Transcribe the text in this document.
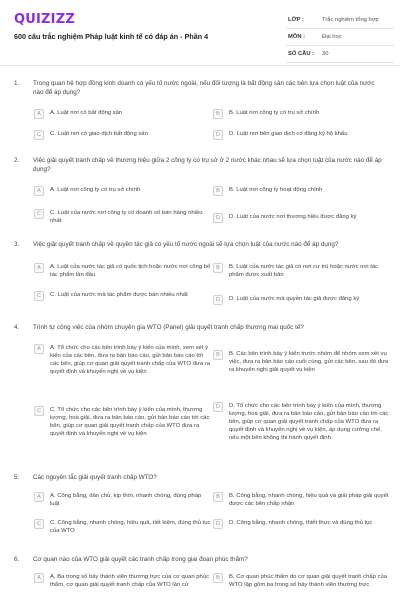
QUIZIZZ
600 câu trắc nghiệm Pháp luật kinh tế có đáp án - Phần 4
LỚP :	Trắc nghiệm tổng hợp
MÔN :	Đại học
SỐ CÂU : 30
1. Trong quan hệ hợp đồng kinh doanh có yếu tố nước ngoài, nếu đối tượng là bất động sản các bên lựa chọn luật của nước nào để áp dụng?
A	A. Luật nơi có bất động sản	B	B. Luật nơi công ty có trụ sở chính
C	C. Luật nơi có giao dịch bất động sản	D	D. Luật nơi bên giao dịch có đăng ký hộ khẩu
2. Việc giải quyết tranh chấp về thương hiệu giữa 2 công ty có trụ sở ở 2 nước khác nhau sẽ lựa chọn luật của nước nào để áp dụng?
A	A. Luật nơi công ty có trụ sở chính	B	B. Luật nơi công ty hoạt động chính
C	C. Luật của nước nơi công ty có doanh số bán hàng nhiều nhất	D	D. Luật của nước nơi thương hiệu được đăng ký
3. Việc giải quyết tranh chấp về quyền tác giả có yếu tố nước ngoài sẽ lựa chọn luật của nước nào để áp dụng?
A	A. Luật của nước tác giả có quốc tịch hoặc nước nơi công bố tác phẩm lần đầu
B	B. Luật của nước tác giả có nơi cư trú hoặc nước nơi tác phẩm được xuất bản
C	C. Luật của nước mà tác phẩm được bán nhiều nhất
D	D. Luật của nước mà quyền tác giả được đăng ký
4. Trình tự công việc của nhóm chuyên gia WTO (Panel) giải quyết tranh chấp thương mại quốc tế?
A	A. Tổ chức cho các bên trình bày ý kiến của mình, xem xét ý kiến của các bên, đưa ra bản báo cáo, gửi bản báo cáo tới các bên, giúp cơ quan giải quyết tranh chấp của WTO đưa ra quyết định và khuyến nghị về vụ kiện
B	B. Các bên trình bày ý kiến trước nhóm để nhóm xem xét vụ việc, đưa ra bản báo cáo cuối cùng, gửi các bên, sau đó đưa ra khuyến nghị giải quyết vụ kiện
C	C. Tổ chức cho các bên trình bày ý kiến của mình, thương lượng, hoà giải, đưa ra bản báo cáo, gửi bản báo cáo tới các bên, giúp cơ quan giải quyết tranh chấp của WTO đưa ra quyết định và khuyến nghị về vụ kiện
D	D. Tổ chức cho các bên trình bày ý kiến của mình, thương lượng, hoà giải, đưa ra bản báo cáo, gửi bản báo cáo tới các bên, giúp cơ quan giải quyết tranh chấp của WTO đưa ra quyết định và khuyến nghị về vụ kiện, áp dụng cưỡng chế, nếu một bên không thi hành quyết định
5. Các nguyên tắc giải quyết tranh chấp WTO?
A	A. Công bằng, dân chủ, kịp thời, nhanh chóng, đúng pháp luật
B	B. Công bằng, nhanh chóng, hiệu quả và giải pháp giải quyết được các bên chấp nhận
C	C. Công bằng, nhanh chóng, hiệu quả, tiết kiệm, đúng thủ tục của WTO
D	D. Công bằng, nhanh chóng, thiết thực và đúng thủ tục
6. Cơ quan nào của WTO giải quyết các tranh chấp trong giai đoạn phúc thẩm?
A	A. Ba trong số bảy thành viên thường trực của cơ quan phúc thẩm, cơ quan giải quyết tranh chấp của WTO lần cử
B	B. Cơ quan phúc thẩm do cơ quan giải quyết tranh chấp của WTO lập gồm ba trong số bảy thành viên thường trực
